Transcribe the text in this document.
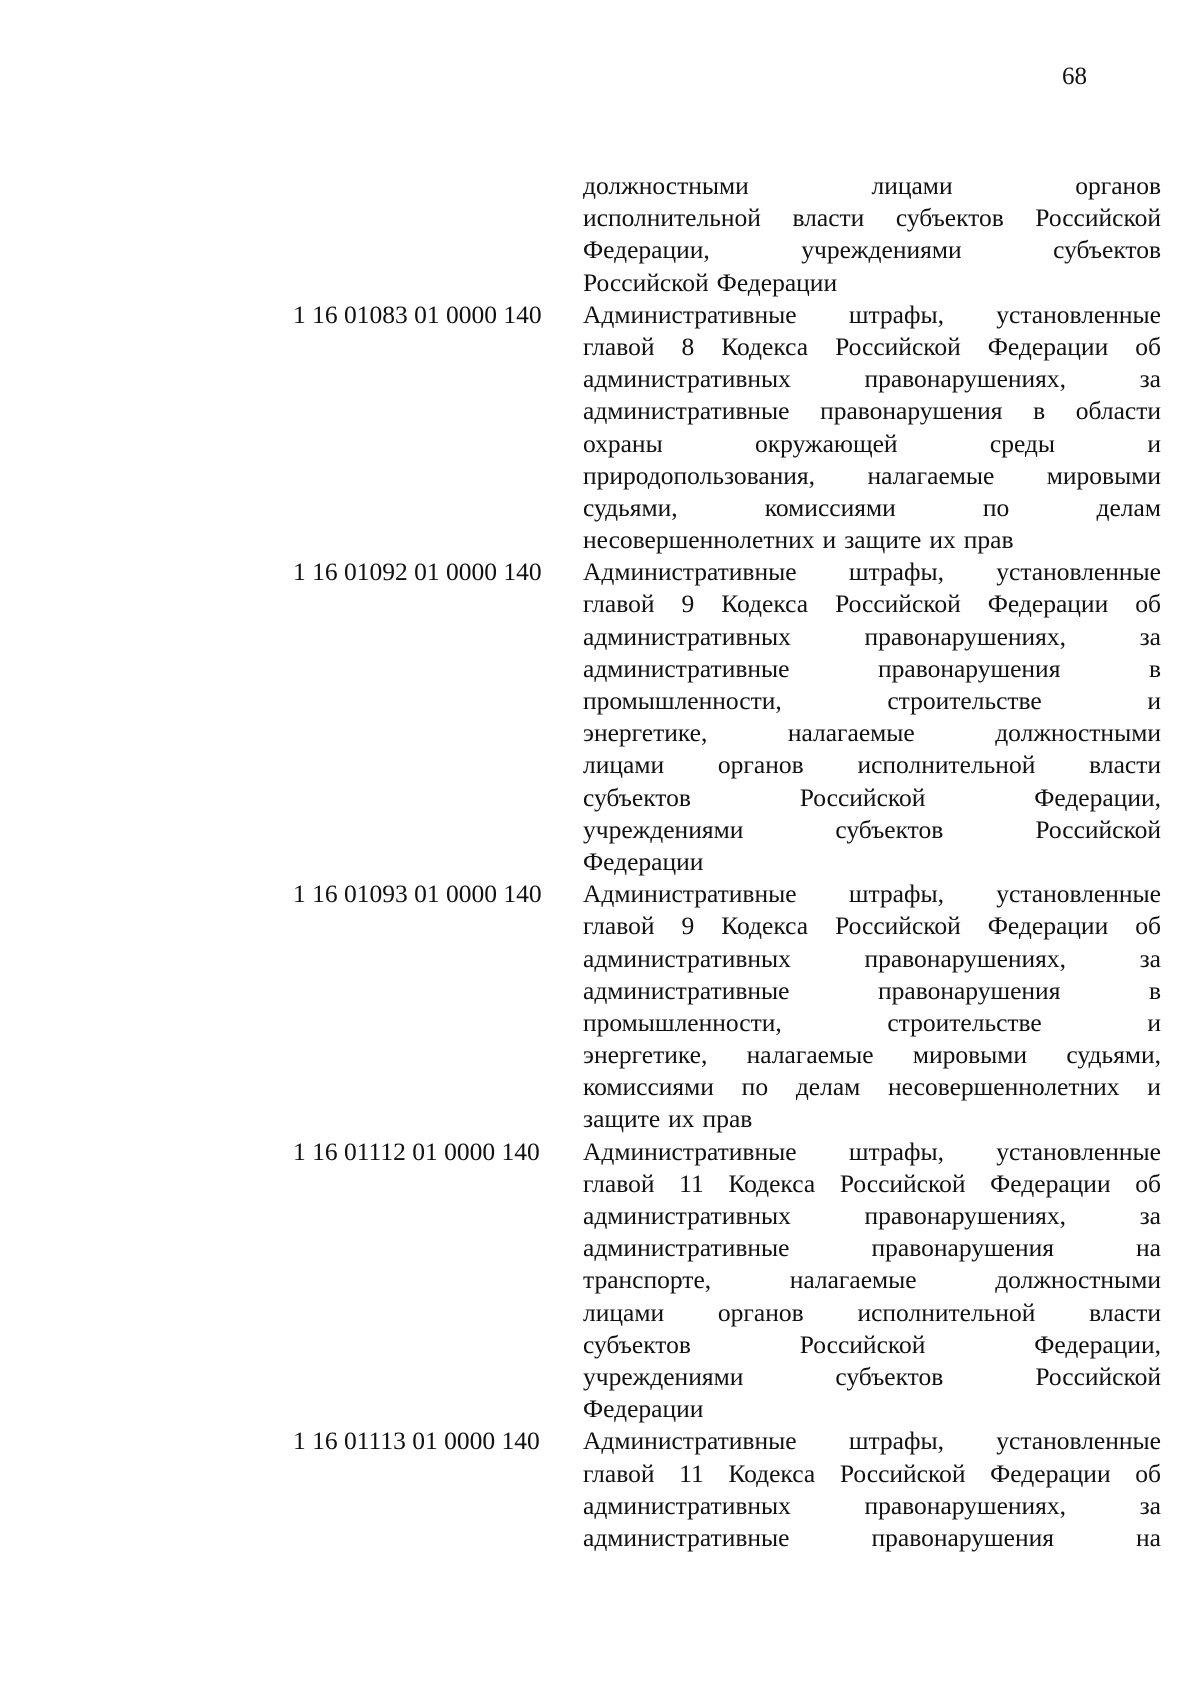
68
должностными	лицами	органов
исполнительной власти субъектов Российской
Федерации,	учреждениями	субъектов
Российской Федерации
1 16 01083 01 0000 140	Административные штрафы, установленные
главой 8 Кодекса Российской Федерации об
административных	правонарушениях,	за
административные правонарушения в области
охраны	окружающей	среды	и
природопользования, налагаемые мировыми
судьями,	комиссиями	по	делам
несовершеннолетних и защите их прав
1 16 01092 01 0000 140	Административные штрафы, установленные
главой 9 Кодекса Российской Федерации об
административных	правонарушениях,	за
административные	правонарушения	в
промышленности,	строительстве	и
энергетике,	налагаемые	должностными
лицами органов исполнительной власти
субъектов	Российской	Федерации,
учреждениями	субъектов	Российской
Федерации
1 16 01093 01 0000 140	Административные штрафы, установленные
главой 9 Кодекса Российской Федерации об
административных	правонарушениях,	за
административные	правонарушения	в
промышленности,	строительстве	и
энергетике, налагаемые мировыми судьями,
комиссиями по делам несовершеннолетних и
защите их прав
1 16 01112 01 0000 140	Административные штрафы, установленные
главой 11 Кодекса Российской Федерации об
административных	правонарушениях,	за
административные	правонарушения	на
транспорте,	налагаемые	должностными
лицами органов исполнительной власти
субъектов	Российской	Федерации,
учреждениями	субъектов	Российской
Федерации
1 16 01113 01 0000 140	Административные штрафы, установленные
главой 11 Кодекса Российской Федерации об
административных	правонарушениях,	за
административные	правонарушения	на
